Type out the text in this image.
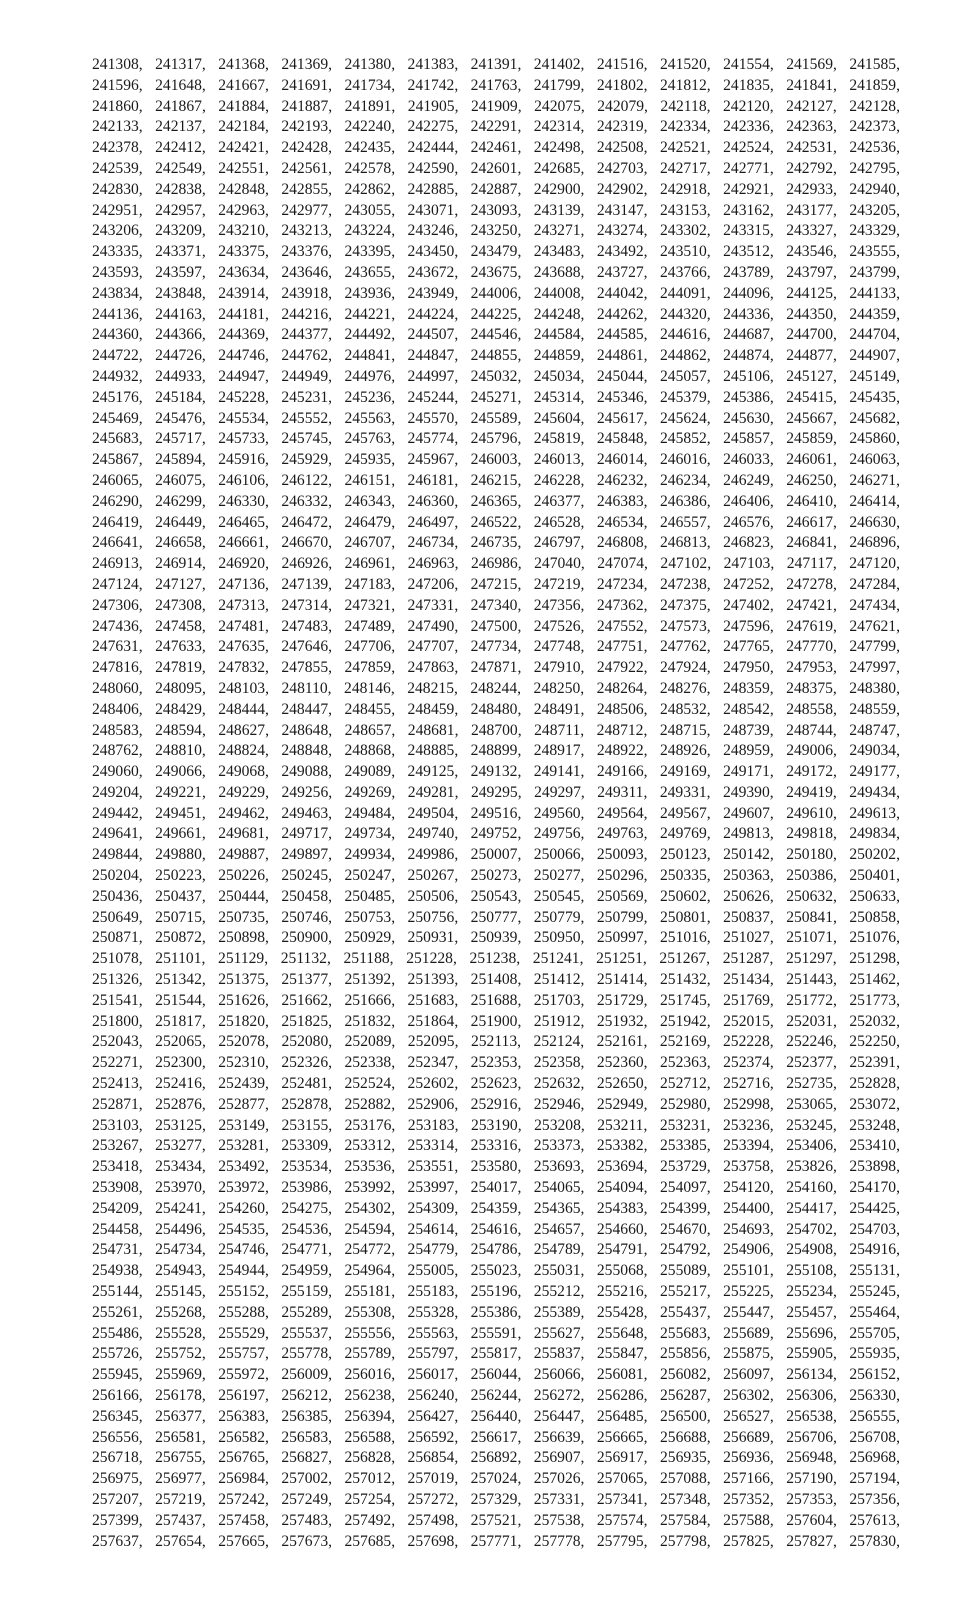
241308, 241317, 241368, 241369, 241380, 241383, 241391, 241402, 241516, 241520, 241554, 241569, 241585,
241596, 241648, 241667, 241691, 241734, 241742, 241763, 241799, 241802, 241812, 241835, 241841, 241859,
241860, 241867, 241884, 241887, 241891, 241905, 241909, 242075, 242079, 242118, 242120, 242127, 242128,
242133, 242137, 242184, 242193, 242240, 242275, 242291, 242314, 242319, 242334, 242336, 242363, 242373,
242378, 242412, 242421, 242428, 242435, 242444, 242461, 242498, 242508, 242521, 242524, 242531, 242536,
242539, 242549, 242551, 242561, 242578, 242590, 242601, 242685, 242703, 242717, 242771, 242792, 242795,
242830, 242838, 242848, 242855, 242862, 242885, 242887, 242900, 242902, 242918, 242921, 242933, 242940,
242951, 242957, 242963, 242977, 243055, 243071, 243093, 243139, 243147, 243153, 243162, 243177, 243205,
243206, 243209, 243210, 243213, 243224, 243246, 243250, 243271, 243274, 243302, 243315, 243327, 243329,
243335, 243371, 243375, 243376, 243395, 243450, 243479, 243483, 243492, 243510, 243512, 243546, 243555,
243593, 243597, 243634, 243646, 243655, 243672, 243675, 243688, 243727, 243766, 243789, 243797, 243799,
243834, 243848, 243914, 243918, 243936, 243949, 244006, 244008, 244042, 244091, 244096, 244125, 244133,
244136, 244163, 244181, 244216, 244221, 244224, 244225, 244248, 244262, 244320, 244336, 244350, 244359,
244360, 244366, 244369, 244377, 244492, 244507, 244546, 244584, 244585, 244616, 244687, 244700, 244704,
244722, 244726, 244746, 244762, 244841, 244847, 244855, 244859, 244861, 244862, 244874, 244877, 244907,
244932, 244933, 244947, 244949, 244976, 244997, 245032, 245034, 245044, 245057, 245106, 245127, 245149,
245176, 245184, 245228, 245231, 245236, 245244, 245271, 245314, 245346, 245379, 245386, 245415, 245435,
245469, 245476, 245534, 245552, 245563, 245570, 245589, 245604, 245617, 245624, 245630, 245667, 245682,
245683, 245717, 245733, 245745, 245763, 245774, 245796, 245819, 245848, 245852, 245857, 245859, 245860,
245867, 245894, 245916, 245929, 245935, 245967, 246003, 246013, 246014, 246016, 246033, 246061, 246063,
246065, 246075, 246106, 246122, 246151, 246181, 246215, 246228, 246232, 246234, 246249, 246250, 246271,
246290, 246299, 246330, 246332, 246343, 246360, 246365, 246377, 246383, 246386, 246406, 246410, 246414,
246419, 246449, 246465, 246472, 246479, 246497, 246522, 246528, 246534, 246557, 246576, 246617, 246630,
246641, 246658, 246661, 246670, 246707, 246734, 246735, 246797, 246808, 246813, 246823, 246841, 246896,
246913, 246914, 246920, 246926, 246961, 246963, 246986, 247040, 247074, 247102, 247103, 247117, 247120,
247124, 247127, 247136, 247139, 247183, 247206, 247215, 247219, 247234, 247238, 247252, 247278, 247284,
247306, 247308, 247313, 247314, 247321, 247331, 247340, 247356, 247362, 247375, 247402, 247421, 247434,
247436, 247458, 247481, 247483, 247489, 247490, 247500, 247526, 247552, 247573, 247596, 247619, 247621,
247631, 247633, 247635, 247646, 247706, 247707, 247734, 247748, 247751, 247762, 247765, 247770, 247799,
247816, 247819, 247832, 247855, 247859, 247863, 247871, 247910, 247922, 247924, 247950, 247953, 247997,
248060, 248095, 248103, 248110, 248146, 248215, 248244, 248250, 248264, 248276, 248359, 248375, 248380,
248406, 248429, 248444, 248447, 248455, 248459, 248480, 248491, 248506, 248532, 248542, 248558, 248559,
248583, 248594, 248627, 248648, 248657, 248681, 248700, 248711, 248712, 248715, 248739, 248744, 248747,
248762, 248810, 248824, 248848, 248868, 248885, 248899, 248917, 248922, 248926, 248959, 249006, 249034,
249060, 249066, 249068, 249088, 249089, 249125, 249132, 249141, 249166, 249169, 249171, 249172, 249177,
249204, 249221, 249229, 249256, 249269, 249281, 249295, 249297, 249311, 249331, 249390, 249419, 249434,
249442, 249451, 249462, 249463, 249484, 249504, 249516, 249560, 249564, 249567, 249607, 249610, 249613,
249641, 249661, 249681, 249717, 249734, 249740, 249752, 249756, 249763, 249769, 249813, 249818, 249834,
249844, 249880, 249887, 249897, 249934, 249986, 250007, 250066, 250093, 250123, 250142, 250180, 250202,
250204, 250223, 250226, 250245, 250247, 250267, 250273, 250277, 250296, 250335, 250363, 250386, 250401,
250436, 250437, 250444, 250458, 250485, 250506, 250543, 250545, 250569, 250602, 250626, 250632, 250633,
250649, 250715, 250735, 250746, 250753, 250756, 250777, 250779, 250799, 250801, 250837, 250841, 250858,
250871, 250872, 250898, 250900, 250929, 250931, 250939, 250950, 250997, 251016, 251027, 251071, 251076,
251078, 251101, 251129, 251132, 251188, 251228, 251238, 251241, 251251, 251267, 251287, 251297, 251298,
251326, 251342, 251375, 251377, 251392, 251393, 251408, 251412, 251414, 251432, 251434, 251443, 251462,
251541, 251544, 251626, 251662, 251666, 251683, 251688, 251703, 251729, 251745, 251769, 251772, 251773,
251800, 251817, 251820, 251825, 251832, 251864, 251900, 251912, 251932, 251942, 252015, 252031, 252032,
252043, 252065, 252078, 252080, 252089, 252095, 252113, 252124, 252161, 252169, 252228, 252246, 252250,
252271, 252300, 252310, 252326, 252338, 252347, 252353, 252358, 252360, 252363, 252374, 252377, 252391,
252413, 252416, 252439, 252481, 252524, 252602, 252623, 252632, 252650, 252712, 252716, 252735, 252828,
252871, 252876, 252877, 252878, 252882, 252906, 252916, 252946, 252949, 252980, 252998, 253065, 253072,
253103, 253125, 253149, 253155, 253176, 253183, 253190, 253208, 253211, 253231, 253236, 253245, 253248,
253267, 253277, 253281, 253309, 253312, 253314, 253316, 253373, 253382, 253385, 253394, 253406, 253410,
253418, 253434, 253492, 253534, 253536, 253551, 253580, 253693, 253694, 253729, 253758, 253826, 253898,
253908, 253970, 253972, 253986, 253992, 253997, 254017, 254065, 254094, 254097, 254120, 254160, 254170,
254209, 254241, 254260, 254275, 254302, 254309, 254359, 254365, 254383, 254399, 254400, 254417, 254425,
254458, 254496, 254535, 254536, 254594, 254614, 254616, 254657, 254660, 254670, 254693, 254702, 254703,
254731, 254734, 254746, 254771, 254772, 254779, 254786, 254789, 254791, 254792, 254906, 254908, 254916,
254938, 254943, 254944, 254959, 254964, 255005, 255023, 255031, 255068, 255089, 255101, 255108, 255131,
255144, 255145, 255152, 255159, 255181, 255183, 255196, 255212, 255216, 255217, 255225, 255234, 255245,
255261, 255268, 255288, 255289, 255308, 255328, 255386, 255389, 255428, 255437, 255447, 255457, 255464,
255486, 255528, 255529, 255537, 255556, 255563, 255591, 255627, 255648, 255683, 255689, 255696, 255705,
255726, 255752, 255757, 255778, 255789, 255797, 255817, 255837, 255847, 255856, 255875, 255905, 255935,
255945, 255969, 255972, 256009, 256016, 256017, 256044, 256066, 256081, 256082, 256097, 256134, 256152,
256166, 256178, 256197, 256212, 256238, 256240, 256244, 256272, 256286, 256287, 256302, 256306, 256330,
256345, 256377, 256383, 256385, 256394, 256427, 256440, 256447, 256485, 256500, 256527, 256538, 256555,
256556, 256581, 256582, 256583, 256588, 256592, 256617, 256639, 256665, 256688, 256689, 256706, 256708,
256718, 256755, 256765, 256827, 256828, 256854, 256892, 256907, 256917, 256935, 256936, 256948, 256968,
256975, 256977, 256984, 257002, 257012, 257019, 257024, 257026, 257065, 257088, 257166, 257190, 257194,
257207, 257219, 257242, 257249, 257254, 257272, 257329, 257331, 257341, 257348, 257352, 257353, 257356,
257399, 257437, 257458, 257483, 257492, 257498, 257521, 257538, 257574, 257584, 257588, 257604, 257613,
257637, 257654, 257665, 257673, 257685, 257698, 257771, 257778, 257795, 257798, 257825, 257827, 257830,
